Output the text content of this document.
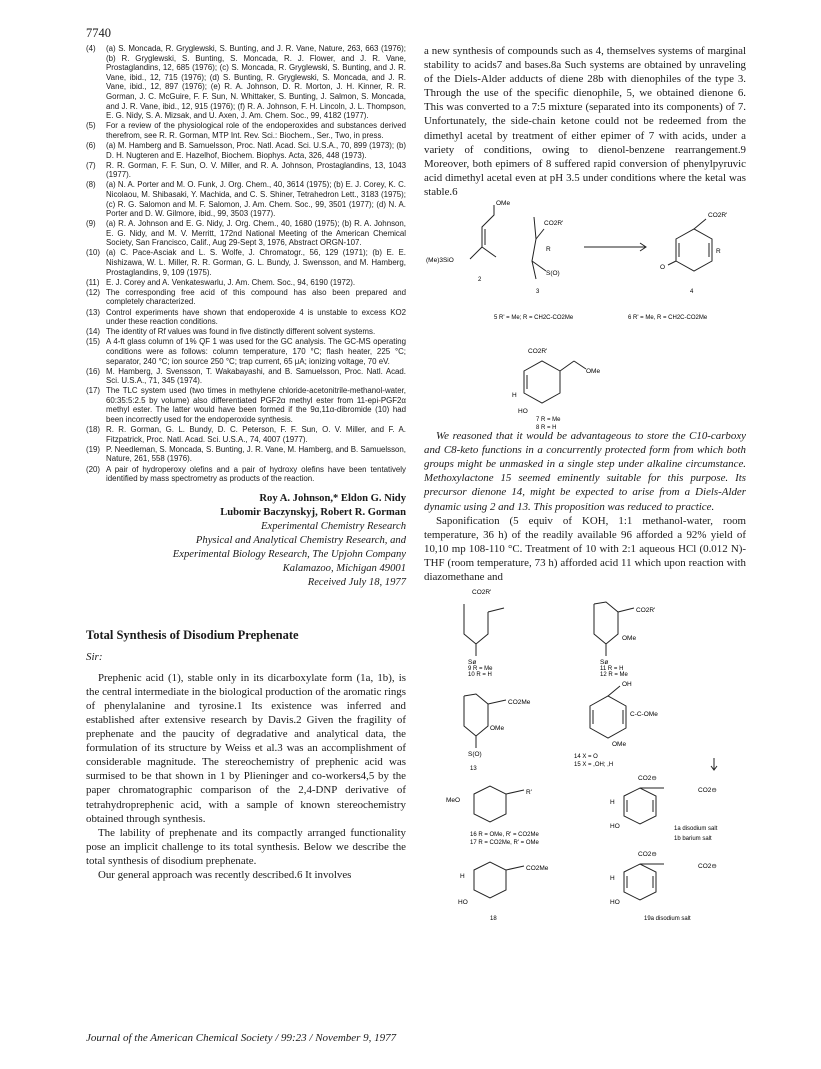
7740
(4)	(a) S. Moncada, R. Gryglewski, S. Bunting, and J. R. Vane, Nature, 263, 663 (1976); (b) R. Gryglewski, S. Bunting, S. Moncada, R. J. Flower, and J. R. Vane, Prostaglandins, 12, 685 (1976); (c) S. Moncada, R. Gryglewski, S. Bunting, and J. R. Vane, ibid., 12, 715 (1976); (d) S. Bunting, R. Gryglewski, S. Moncada, and J. R. Vane, ibid., 12, 897 (1976); (e) R. A. Johnson, D. R. Morton, J. H. Kinner, R. R. Gorman, J. C. McGuire, F. F. Sun, N. Whittaker, S. Bunting, J. Salmon, S. Moncada, and J. R. Vane, ibid., 12, 915 (1976); (f) R. A. Johnson, F. H. Lincoln, J. L. Thompson, E. G. Nidy, S. A. Mizsak, and U. Axen, J. Am. Chem. Soc., 99, 4182 (1977).
(5)	For a review of the physiological role of the endoperoxides and substances derived therefrom, see R. R. Gorman, MTP Int. Rev. Sci.: Biochem., Ser., Two, in press.
(6)	(a) M. Hamberg and B. Samuelsson, Proc. Natl. Acad. Sci. U.S.A., 70, 899 (1973); (b) D. H. Nugteren and E. Hazelhof, Biochem. Biophys. Acta, 326, 448 (1973).
(7)	R. R. Gorman, F. F. Sun, O. V. Miller, and R. A. Johnson, Prostaglandins, 13, 1043 (1977).
(8)	(a) N. A. Porter and M. O. Funk, J. Org. Chem., 40, 3614 (1975); (b) E. J. Corey, K. C. Nicolaou, M. Shibasaki, Y. Machida, and C. S. Shiner, Tetrahedron Lett., 3183 (1975); (c) R. G. Salomon and M. F. Salomon, J. Am. Chem. Soc., 99, 3501 (1977); (d) N. A. Porter and D. W. Gilmore, ibid., 99, 3503 (1977).
(9)	(a) R. A. Johnson and E. G. Nidy, J. Org. Chem., 40, 1680 (1975); (b) R. A. Johnson, E. G. Nidy, and M. V. Merritt, 172nd National Meeting of the American Chemical Society, San Francisco, Calif., Aug 29-Sept 3, 1976, Abstract ORGN-107.
(10) (a) C. Pace-Asciak and L. S. Wolfe, J. Chromatogr., 56, 129 (1971); (b) E. E. Nishizawa, W. L. Miller, R. R. Gorman, G. L. Bundy, J. Swensson, and M. Hamberg, Prostaglandins, 9, 109 (1975).
(11) E. J. Corey and A. Venkateswarlu, J. Am. Chem. Soc., 94, 6190 (1972).
(12) The corresponding free acid of this compound has also been prepared and completely characterized.
(13) Control experiments have shown that endoperoxide 4 is unstable to excess KO2 under these reaction conditions.
(14) The identity of Rf values was found in five distinctly different solvent systems.
(15) A 4-ft glass column of 1% QF 1 was used for the GC analysis. The GC-MS operating conditions were as follows: column temperature, 170 °C; flash heater, 225 °C; separator, 240 °C; ion source 250 °C; trap current, 65 μA; ionizing voltage, 70 eV.
(16) M. Hamberg, J. Svensson, T. Wakabayashi, and B. Samuelsson, Proc. Natl. Acad. Sci. U.S.A., 71, 345 (1974).
(17) The TLC system used (two times in methylene chloride-acetonitrile-methanol-water, 60:35:5:2.5 by volume) also differentiated PGF2α methyl ester from 11-epi-PGF2α methyl ester. The latter would have been formed if the 9α,11α-dibromide (10) had been incorrectly used for the endoperoxide synthesis.
(18) R. R. Gorman, G. L. Bundy, D. C. Peterson, F. F. Sun, O. V. Miller, and F. A. Fitzpatrick, Proc. Natl. Acad. Sci. U.S.A., 74, 4007 (1977).
(19) P. Needleman, S. Moncada, S. Bunting, J. R. Vane, M. Hamberg, and B. Samuelsson, Nature, 261, 558 (1976).
(20) A pair of hydroperoxy olefins and a pair of hydroxy olefins have been tentatively identified by mass spectrometry as products of the reaction.
Roy A. Johnson,* Eldon G. Nidy
Lubomir Baczynskyj, Robert R. Gorman
Experimental Chemistry Research
Physical and Analytical Chemistry Research, and
Experimental Biology Research, The Upjohn Company
Kalamazoo, Michigan 49001
Received July 18, 1977
Total Synthesis of Disodium Prephenate
Sir:

Prephenic acid (1), stable only in its dicarboxylate form (1a, 1b), is the central intermediate in the biological production of the aromatic rings of phenylalanine and tyrosine.1 Its existence was inferred and established after extensive research by Davis.2 Given the fragility of prephenate and the paucity of degradative and analytical data, the formulation of its structure by Weiss et al.3 was an accomplishment of considerable magnitude. The stereochemistry of prephenic acid was surmised to be that shown in 1 by Plieninger and co-workers4,5 by the paper chromatographic comparison of the 2,4-DNP derivative of tetrahydroprephenic acid, with a sample of known stereochemistry obtained through synthesis.

The lability of prephenate and its compactly arranged functionality pose an implicit challenge to its total synthesis. Below we describe the total synthesis of disodium prephenate.

Our general approach was recently described.6 It involves

a new synthesis of compounds such as 4, themselves systems of marginal stability to acids7 and bases.8a Such systems are obtained by unraveling of the Diels-Alder adducts of diene 28b with dienophiles of the type 3. Through the use of the specific dienophile, 5, we obtained dienone 6. This was converted to a 7:5 mixture (separated into its components) of 7. Unfortunately, the side-chain ketone could not be redeemed from the dimethyl acetal by treatment of either epimer of 7 with acids, under a variety of conditions, owing to dienol-benzene rearrangement.9 Moreover, both epimers of 8 suffered rapid conversion of phenylpyruvic acid dimethyl acetal even at pH 3.5 under conditions where the ketal was stable.6

OMe
(Me)3SiO
2
CO2R'
R
S(O)
3
5 R' = Me; R = CH2C-CO2Me
CO2R'
R
O
4
6 R' = Me, R = CH2C-CO2Me
CO2R'
OMe
H
HO
7 R = Me
8 R = H

We reasoned that it would be advantageous to store the C10-carboxy and C8-keto functions in a concurrently protected form from which both groups might be unmasked in a single step under alkaline circumstance. Methoxylactone 15 seemed eminently suitable for this purpose. Its precursor dienone 14, might be expected to arise from a Diels-Alder dynamic using 2 and 13. This proposition was reduced to practice.

Saponification (5 equiv of KOH, 1:1 methanol-water, room temperature, 36 h) of the readily available 96 afforded a 92% yield of 10,10 mp 108-110 °C. Treatment of 10 with 2:1 aqueous HCl (0.012 N)-THF (room temperature, 73 h) afforded acid 11 which upon reaction with diazomethane and

CO2R'
Sø
9 R = Me
10 R = H
CO2R'
OMe
Sø
11 R = H
12 R = Me
CO2Me
OMe
S(O)
13
OH
C-C-OMe
OMe
14 X = O
15 X = ,OH; ,H
MeO
R'
16 R = OMe, R' = CO2Me
17 R = CO2Me, R' = OMe
CO2⊖
CO2⊖
H
HO	1a disodium salt
1b barium salt
CO2Me
H
HO
18
CO2⊖
CO2⊖
H
HO
19a disodium salt
Journal of the American Chemical Society / 99:23 / November 9, 1977
